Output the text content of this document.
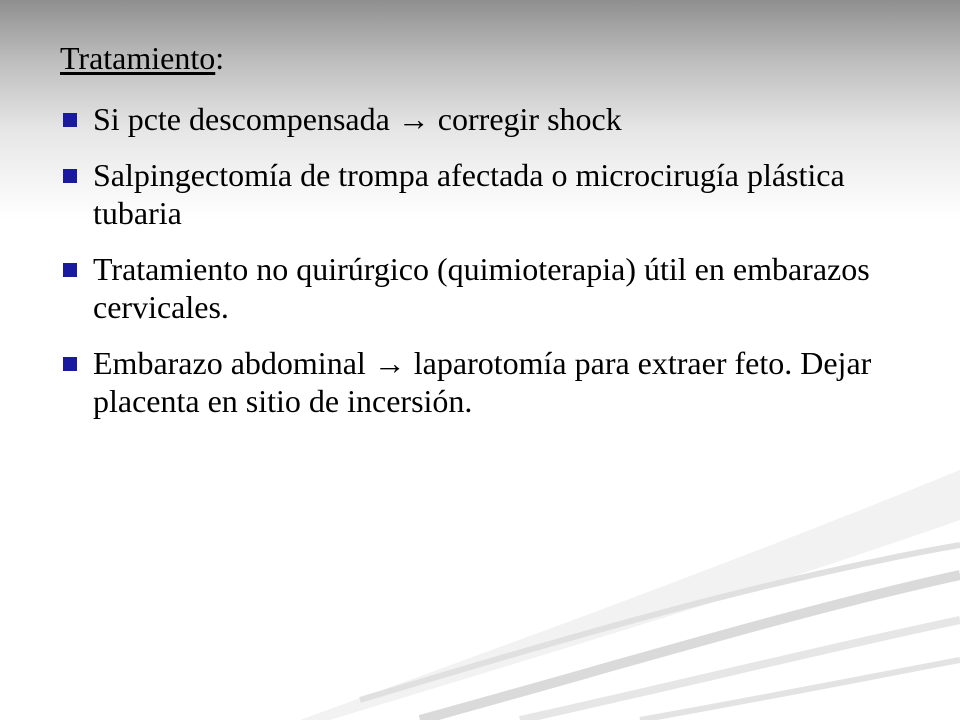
Tratamiento:
Si pcte descompensada → corregir shock
Salpingectomía de trompa afectada o microcirugía plástica tubaria
Tratamiento no quirúrgico (quimioterapia) útil en embarazos cervicales.
Embarazo abdominal → laparotomía para extraer feto. Dejar placenta en sitio de incersión.
